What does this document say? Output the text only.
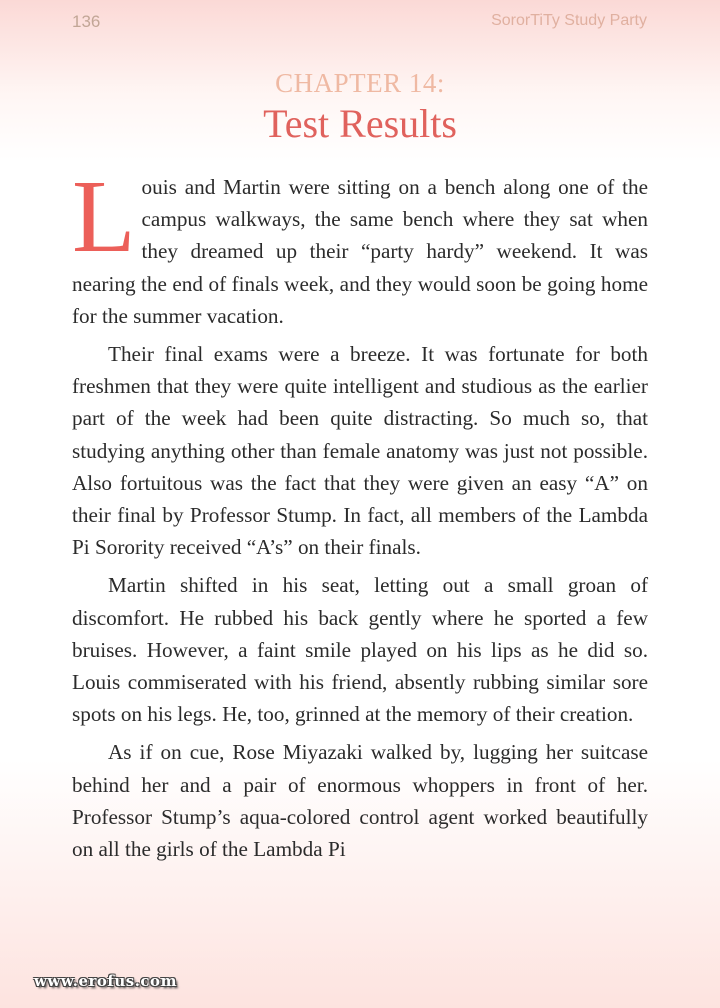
136	SororTiTy Study Party
CHAPTER 14:
Test Results

Louis and Martin were sitting on a bench along one of the campus walkways, the same bench where they sat when they dreamed up their “party hardy” weekend. It was nearing the end of finals week, and they would soon be going home for the summer vacation.

Their final exams were a breeze. It was fortunate for both freshmen that they were quite intelligent and studious as the earlier part of the week had been quite distracting. So much so, that studying anything other than female anatomy was just not possible. Also fortuitous was the fact that they were given an easy “A” on their final by Professor Stump. In fact, all members of the Lambda Pi Sorority received “A’s” on their finals.

Martin shifted in his seat, letting out a small groan of discomfort. He rubbed his back gently where he sported a few bruises. However, a faint smile played on his lips as he did so. Louis commiserated with his friend, absently rubbing similar sore spots on his legs. He, too, grinned at the memory of their creation.

As if on cue, Rose Miyazaki walked by, lugging her suitcase behind her and a pair of enormous whoppers in front of her. Professor Stump’s aqua-colored control agent worked beautifully on all the girls of the Lambda Pi

www.erofus.com
